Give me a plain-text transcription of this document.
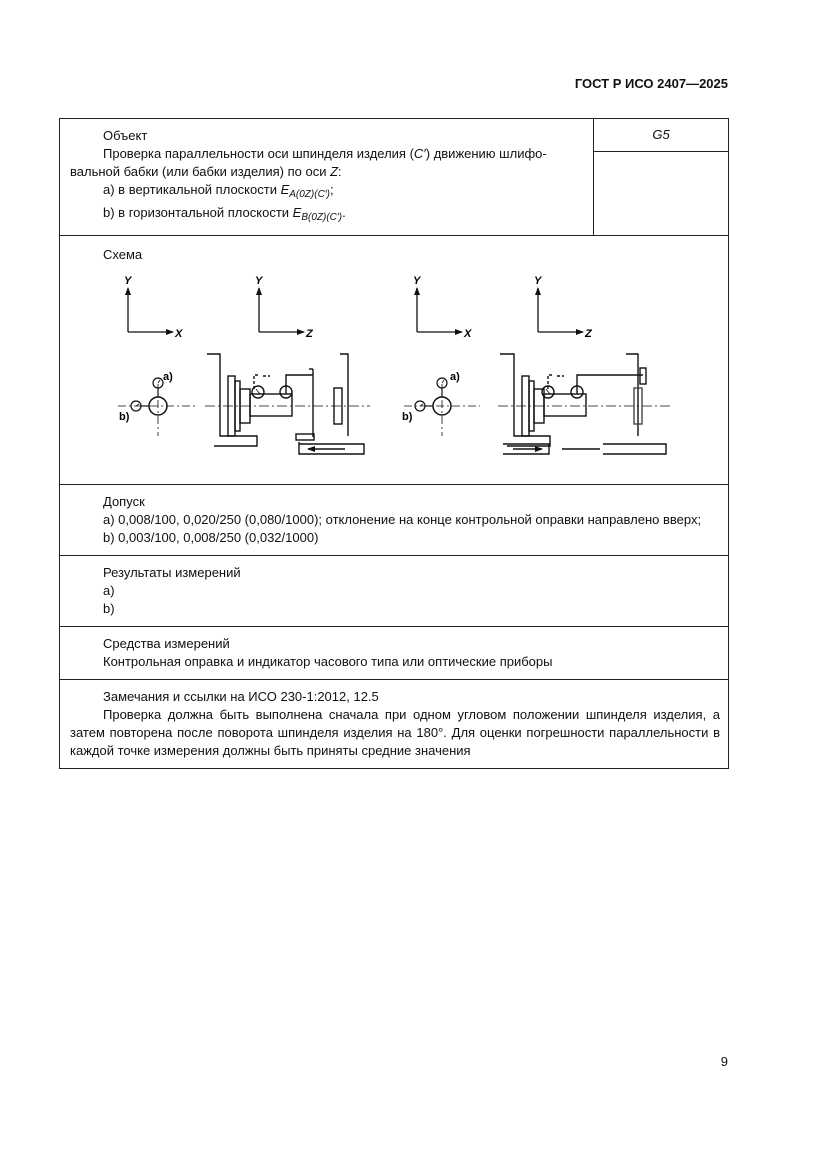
ГОСТ Р ИСО 2407—2025

Объект

Проверка параллельности оси шпинделя изделия (C′) движению шлифо-

вальной бабки (или бабки изделия) по оси Z:

a) в вертикальной плоскости $E_{A(0Z)(C')}$;

b) в горизонтальной плоскости $E_{B(0Z)(C')}$.

G5

Схема
Y
X
Y
Z
Y
X
Y
Z
a)
b)
a)
b)

Допуск

a) 0,008/100, 0,020/250 (0,080/1000); отклонение на конце контрольной оправки направлено вверх;

b) 0,003/100, 0,008/250 (0,032/1000)

Результаты измерений

a)

b)

Средства измерений

Контрольная оправка и индикатор часового типа или оптические приборы

Замечания и ссылки на ИСО 230-1:2012, 12.5

Проверка должна быть выполнена сначала при одном угловом положении шпинделя изделия, а затем повторена после поворота шпинделя изделия на 180°. Для оценки погрешности параллельности в каждой точке измерения должны быть приняты средние значения

9
